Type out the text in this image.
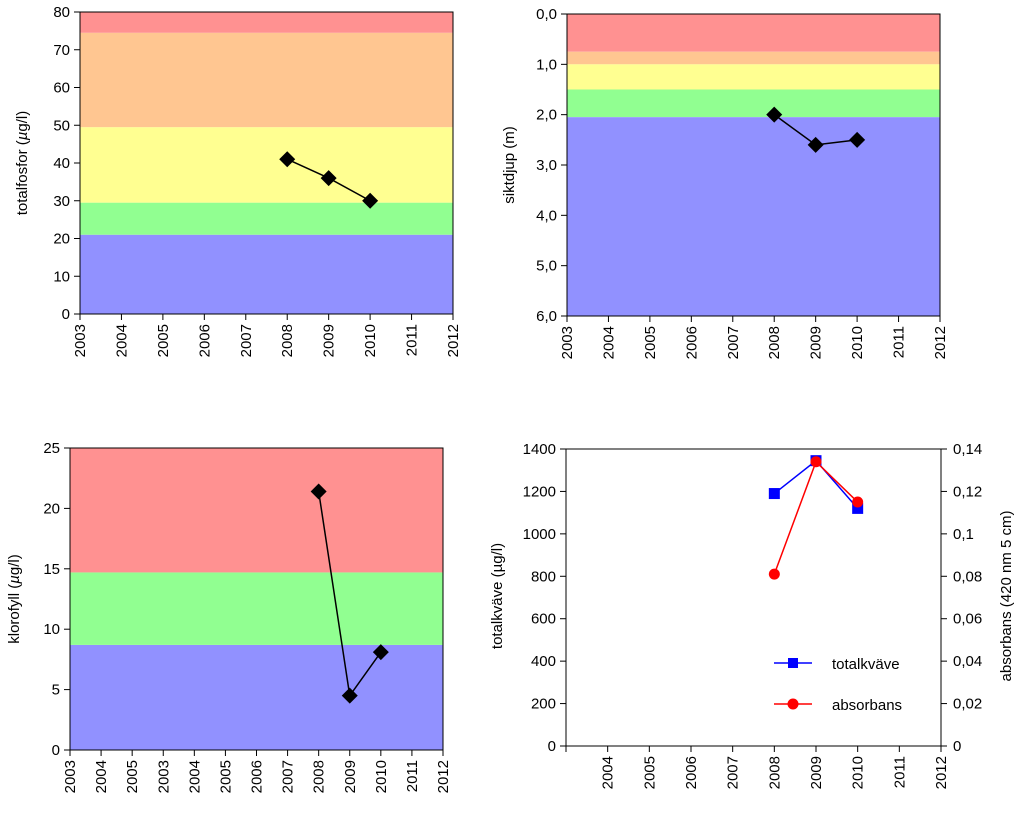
0
10
20
30
40
50
60
70
80
2003 2004 2005 2006 2007 2008 2009 2010 2011 2012
totalfosfor (µg/l)
0,0
1,0
2,0
3,0
4,0
5,0
6,0
2003 2004 2005 2006 2007 2008 2009 2010 2011 2012
siktdjup (m)
0
5
10
15
20
25
2003 2004 2005 2003 2004 2005 2006 2007 2008 2009 2010 2011 2012
klorofyll (µg/l)
0
200
400
600
800
1000
1200
1400
0
0,02
0,04
0,06
0,08
0,1
0,12
0,14
2004 2005 2006 2007 2008 2009 2010 2011 2012
totalkväve (µg/l)	absorbans (420 nm 5 cm)
totalkväve
absorbans
